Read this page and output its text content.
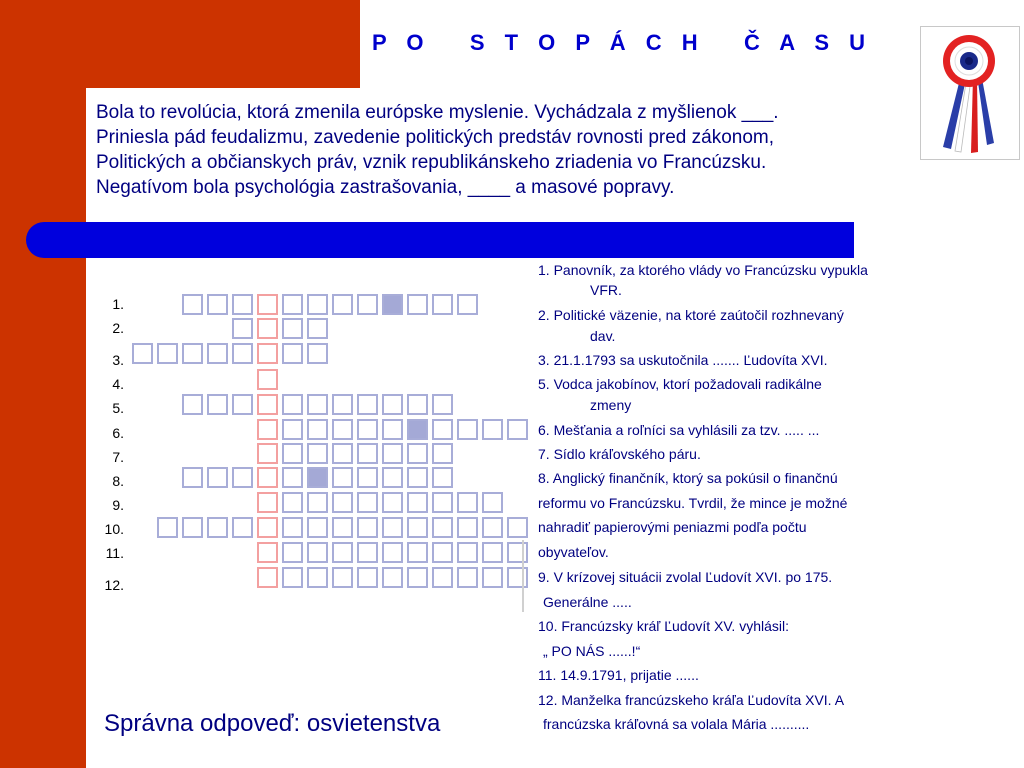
P O   S T O P Á C H   Č A S U
Bola to revolúcia, ktorá zmenila európske myslenie. Vychádzala z myšlienok ___.
Priniesla pád feudalizmu, zavedenie politických predstáv rovnosti pred zákonom,
Politických a občianskych práv, vznik republikánskeho zriadenia vo Francúzsku.
Negatívom bola psychológia zastrašovania, ____ a masové popravy.
1.
2.
3.
4.
5.
6.
7.
8.
9.
10.
11.
12.
1. Panovník, za ktorého vlády vo Francúzsku vypukla
VFR.
2. Politické väzenie, na ktoré zaútočil rozhnevaný
dav.
3. 21.1.1793 sa uskutočnila ....... Ľudovíta XVI.
5. Vodca jakobínov, ktorí požadovali radikálne
zmeny
6. Mešťania a roľníci sa vyhlásili za tzv. ..... ...
7. Sídlo kráľovského páru.
8. Anglický finančník, ktorý sa pokúsil o finančnú
reformu vo Francúzsku. Tvrdil, že mince je možné
nahradiť papierovými peniazmi podľa počtu
obyvateľov.
9. V krízovej situácii zvolal Ľudovít XVI. po 175.
Generálne .....
10. Francúzsky kráľ Ľudovít XV. vyhlásil:
„ PO NÁS ......!“
11. 14.9.1791, prijatie ......
12. Manželka francúzskeho kráľa Ľudovíta XVI. A
francúzska kráľovná sa volala Mária ..........
Správna odpoveď: osvietenstva
